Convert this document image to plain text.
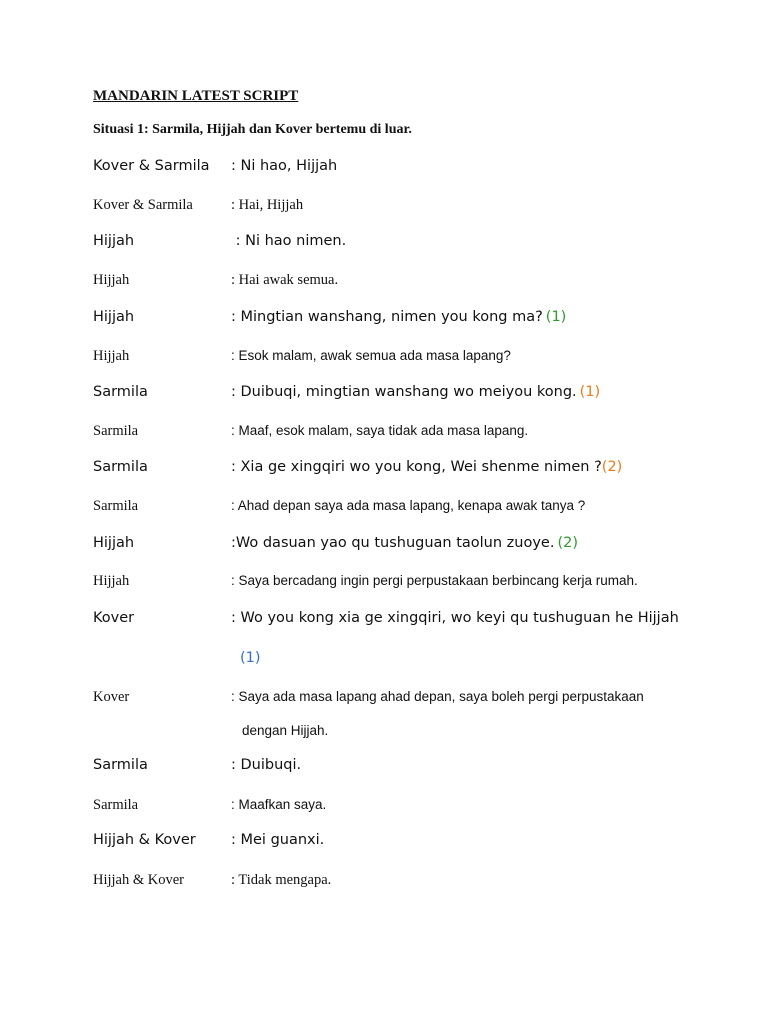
MANDARIN LATEST SCRIPT
Situasi 1: Sarmila, Hijjah dan Kover bertemu di luar.
Kover & Sarmila : Ni hao, Hijjah
Kover & Sarmila	: Hai, Hijjah
Hijjah	: Ni hao nimen.
Hijjah	: Hai awak semua.
Hijjah	: Mingtian wanshang, nimen you kong ma? (1)
Hijjah	: Esok malam, awak semua ada masa lapang?
Sarmila	: Duibuqi, mingtian wanshang wo meiyou kong. (1)
Sarmila	: Maaf, esok malam, saya tidak ada masa lapang.
Sarmila	: Xia ge xingqiri wo you kong, Wei shenme nimen ?(2)
Sarmila	: Ahad depan saya ada masa lapang, kenapa awak tanya ?
Hijjah	:Wo dasuan yao qu tushuguan taolun zuoye. (2)
Hijjah	: Saya bercadang ingin pergi perpustakaan berbincang kerja rumah.
Kover	: Wo you kong xia ge xingqiri, wo keyi qu tushuguan he Hijjah
(1)
Kover	: Saya ada masa lapang ahad depan, saya boleh pergi perpustakaan
dengan Hijjah.
Sarmila	: Duibuqi.
Sarmila	: Maafkan saya.
Hijjah & Kover : Mei guanxi.
Hijjah & Kover	: Tidak mengapa.
